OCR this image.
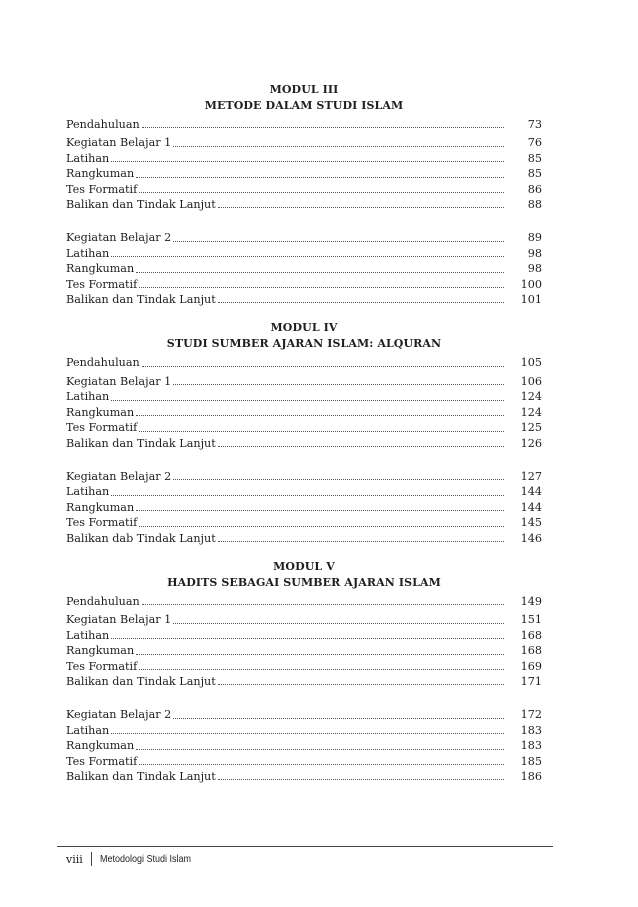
MODUL III
METODE DALAM STUDI ISLAM
Pendahuluan	73
Kegiatan Belajar 1	76
Latihan	85
Rangkuman	85
Tes Formatif	86
Balikan dan Tindak Lanjut	88
Kegiatan Belajar 2	89
Latihan	98
Rangkuman	98
Tes Formatif	100
Balikan dan Tindak Lanjut	101
MODUL IV
STUDI SUMBER AJARAN ISLAM: ALQURAN
Pendahuluan	105
Kegiatan Belajar 1	106
Latihan	124
Rangkuman	124
Tes Formatif	125
Balikan dan Tindak Lanjut	126
Kegiatan Belajar 2	127
Latihan	144
Rangkuman	144
Tes Formatif	145
Balikan dab Tindak Lanjut	146
MODUL V
HADITS SEBAGAI SUMBER AJARAN ISLAM
Pendahuluan	149
Kegiatan Belajar 1	151
Latihan	168
Rangkuman	168
Tes Formatif	169
Balikan dan Tindak Lanjut	171
Kegiatan Belajar 2	172
Latihan	183
Rangkuman	183
Tes Formatif	185
Balikan dan Tindak Lanjut	186
viii Metodologi Studi Islam
